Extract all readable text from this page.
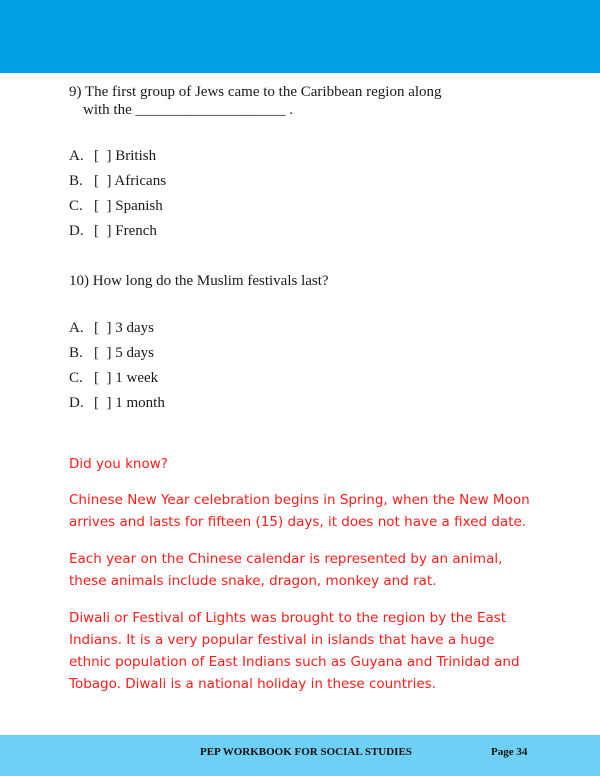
9) The first group of Jews came to the Caribbean region along
with the ____________________ .
A. [  ] British
B. [  ] Africans
C. [  ] Spanish
D. [  ] French
10) How long do the Muslim festivals last?
A. [  ] 3 days
B. [  ] 5 days
C. [  ] 1 week
D. [  ] 1 month
Did you know?
Chinese New Year celebration begins in Spring, when the New Moon arrives and lasts for fifteen (15) days, it does not have a fixed date.
Each year on the Chinese calendar is represented by an animal, these animals include snake, dragon, monkey and rat.
Diwali or Festival of Lights was brought to the region by the East Indians. It is a very popular festival in islands that have a huge ethnic population of East Indians such as Guyana and Trinidad and Tobago. Diwali is a national holiday in these countries.
PEP WORKBOOK FOR SOCIAL STUDIES	Page 34
